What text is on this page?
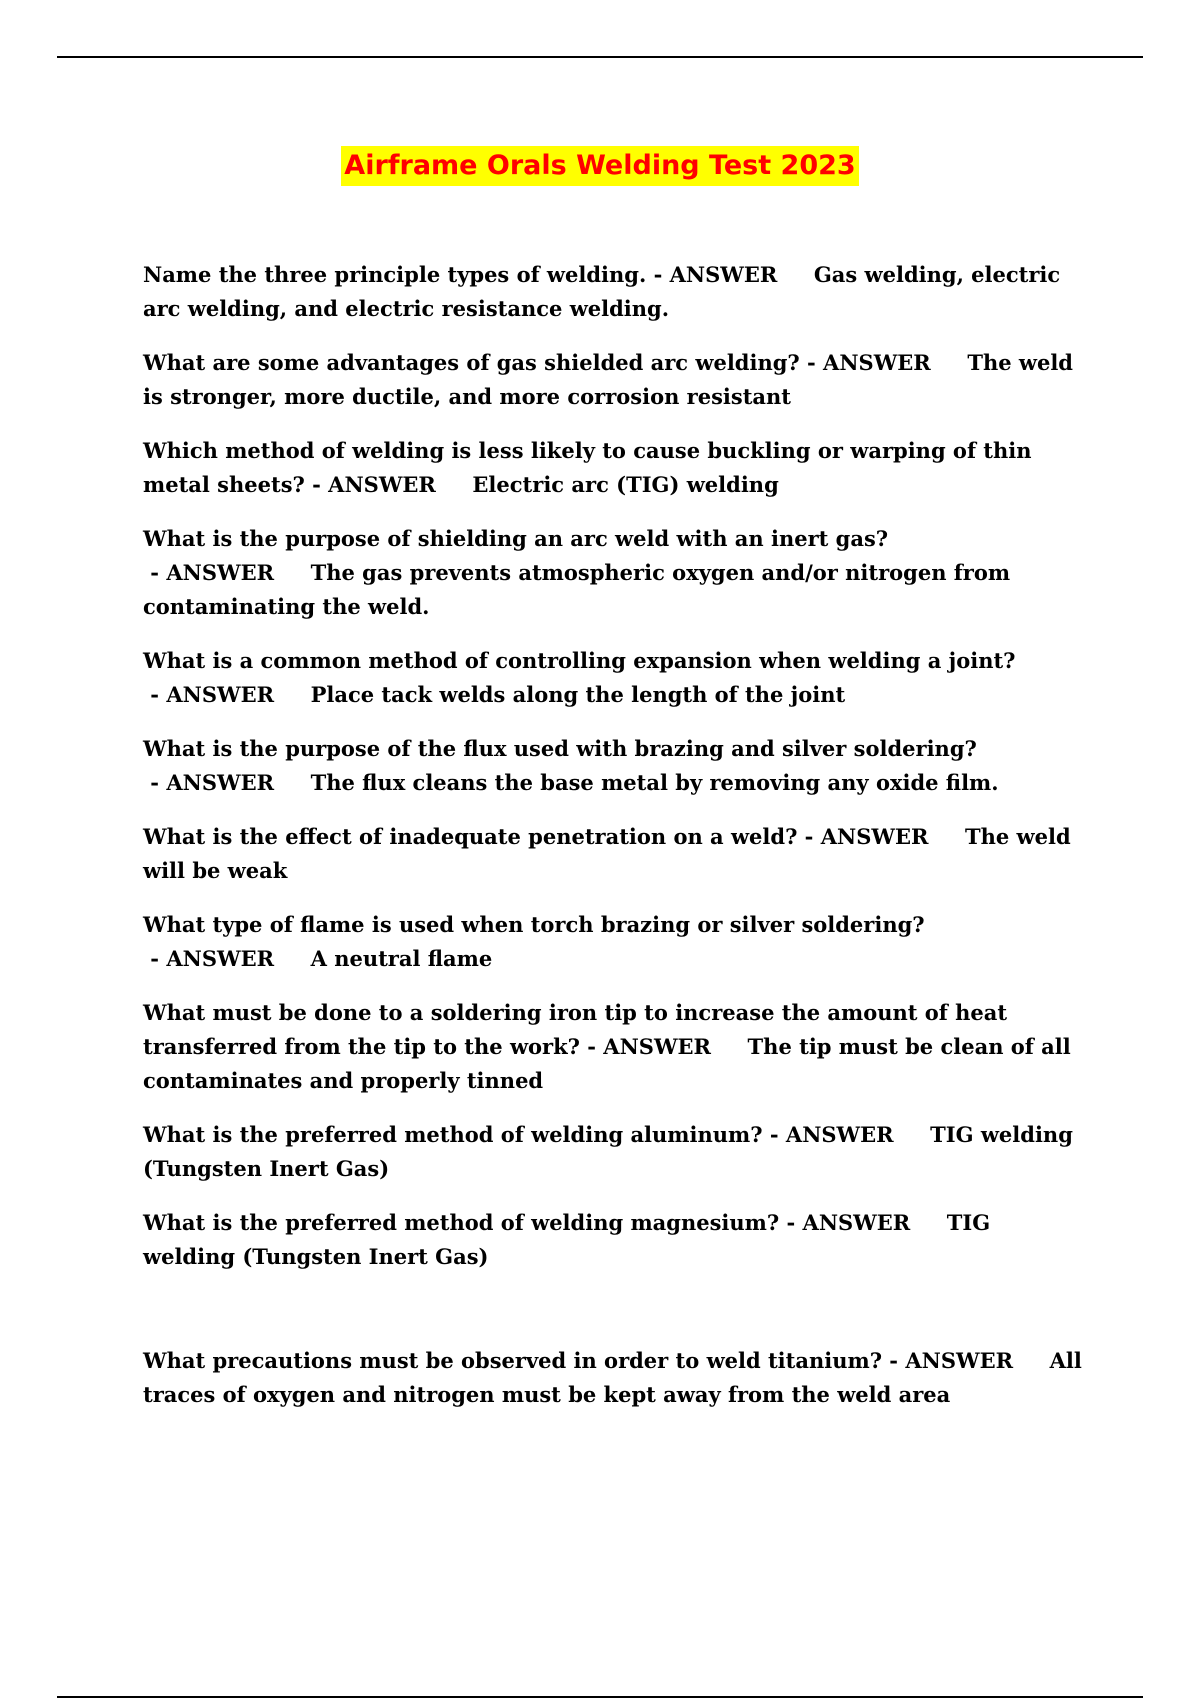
Airframe Orals Welding Test 2023

Name the three principle types of welding. - ANSWER     Gas welding, electric arc welding, and electric resistance welding.

What are some advantages of gas shielded arc welding? - ANSWER     The weld is stronger, more ductile, and more corrosion resistant

Which method of welding is less likely to cause buckling or warping of thin metal sheets? - ANSWER     Electric arc (TIG) welding

What is the purpose of shielding an arc weld with an inert gas? - ANSWER     The gas prevents atmospheric oxygen and/or nitrogen from contaminating the weld.

What is a common method of controlling expansion when welding a joint? - ANSWER     Place tack welds along the length of the joint

What is the purpose of the flux used with brazing and silver soldering? - ANSWER     The flux cleans the base metal by removing any oxide film.

What is the effect of inadequate penetration on a weld? - ANSWER     The weld will be weak

What type of flame is used when torch brazing or silver soldering? - ANSWER     A neutral flame

What must be done to a soldering iron tip to increase the amount of heat transferred from the tip to the work? - ANSWER     The tip must be clean of all contaminates and properly tinned

What is the preferred method of welding aluminum? - ANSWER     TIG welding (Tungsten Inert Gas)

What is the preferred method of welding magnesium? - ANSWER     TIG welding (Tungsten Inert Gas)

What precautions must be observed in order to weld titanium? - ANSWER     All traces of oxygen and nitrogen must be kept away from the weld area
